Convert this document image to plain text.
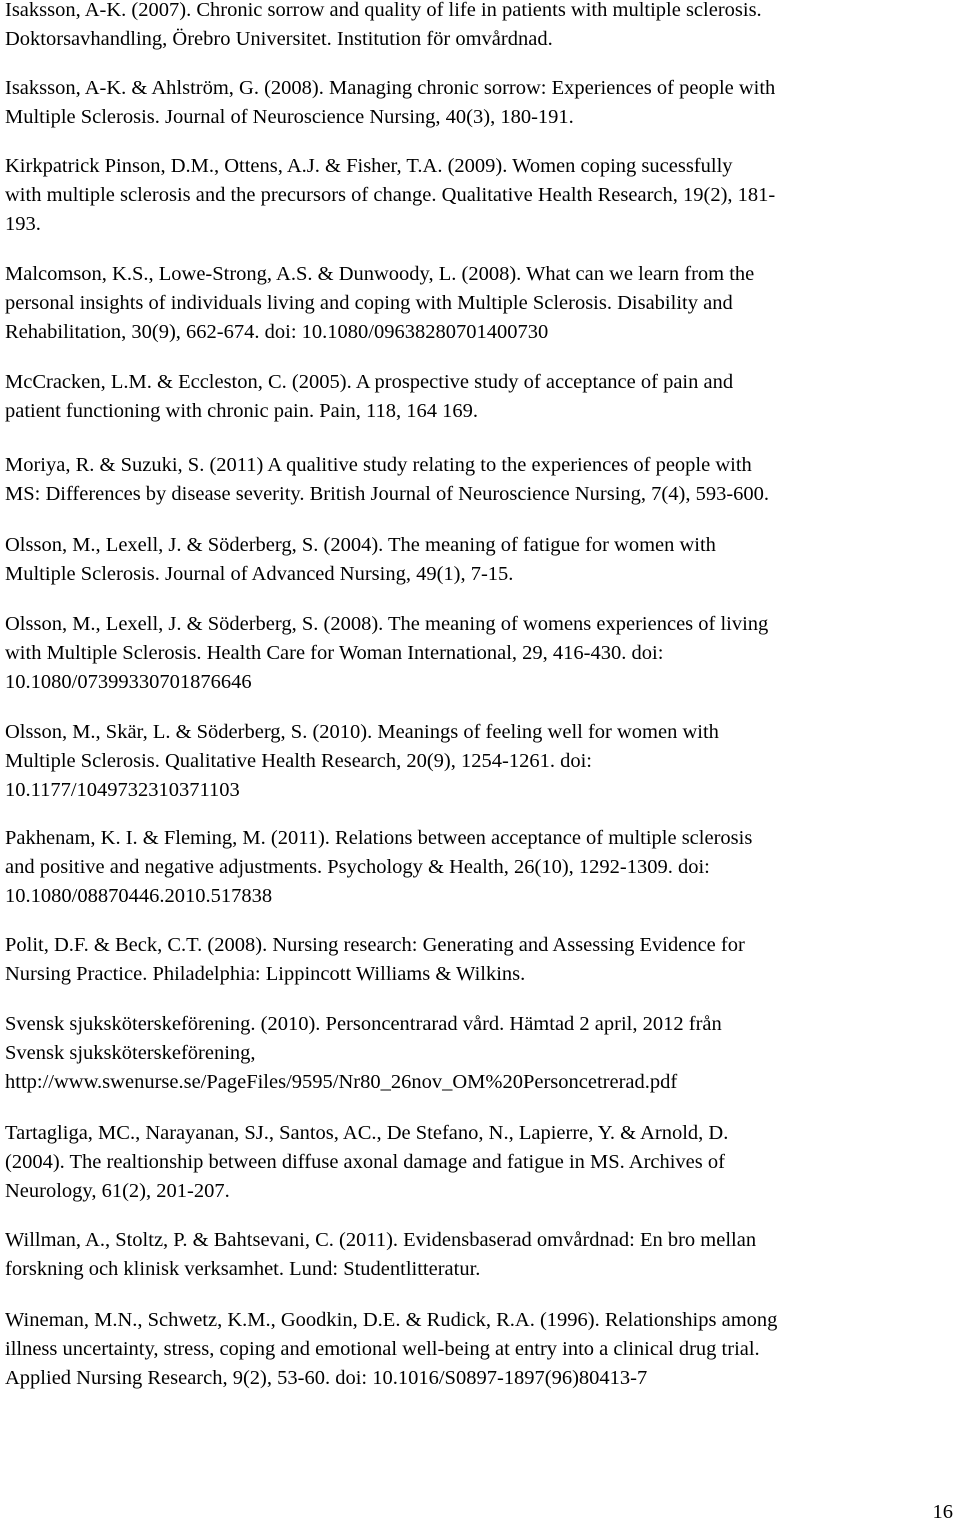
Isaksson, A-K. (2007). Chronic sorrow and quality of life in patients with multiple sclerosis.
Doktorsavhandling, Örebro Universitet. Institution för omvårdnad.

Isaksson, A-K. & Ahlström, G. (2008). Managing chronic sorrow: Experiences of people with
Multiple Sclerosis. Journal of Neuroscience Nursing, 40(3), 180-191.

Kirkpatrick Pinson, D.M., Ottens, A.J. & Fisher, T.A. (2009). Women coping sucessfully
with multiple sclerosis and the precursors of change. Qualitative Health Research, 19(2), 181-
193.

Malcomson, K.S., Lowe-Strong, A.S. & Dunwoody, L. (2008). What can we learn from the
personal insights of individuals living and coping with Multiple Sclerosis. Disability and
Rehabilitation, 30(9), 662-674. doi: 10.1080/09638280701400730

McCracken, L.M. & Eccleston, C. (2005). A prospective study of acceptance of pain and
patient functioning with chronic pain. Pain, 118, 164 169.

Moriya, R. & Suzuki, S. (2011) A qualitive study relating to the experiences of people with
MS: Differences by disease severity. British Journal of Neuroscience Nursing, 7(4), 593-600.

Olsson, M., Lexell, J. & Söderberg, S. (2004). The meaning of fatigue for women with
Multiple Sclerosis. Journal of Advanced Nursing, 49(1), 7-15.

Olsson, M., Lexell, J. & Söderberg, S. (2008). The meaning of womens experiences of living
with Multiple Sclerosis. Health Care for Woman International, 29, 416-430. doi:
10.1080/07399330701876646

Olsson, M., Skär, L. & Söderberg, S. (2010). Meanings of feeling well for women with
Multiple Sclerosis. Qualitative Health Research, 20(9), 1254-1261. doi:
10.1177/1049732310371103

Pakhenam, K. I. & Fleming, M. (2011). Relations between acceptance of multiple sclerosis
and positive and negative adjustments. Psychology & Health, 26(10), 1292-1309. doi:
10.1080/08870446.2010.517838

Polit, D.F. & Beck, C.T. (2008). Nursing research: Generating and Assessing Evidence for
Nursing Practice. Philadelphia: Lippincott Williams & Wilkins.

Svensk sjuksköterskeförening. (2010). Personcentrarad vård. Hämtad 2 april, 2012 från
Svensk sjuksköterskeförening,
http://www.swenurse.se/PageFiles/9595/Nr80_26nov_OM%20Personcetrerad.pdf

Tartagliga, MC., Narayanan, SJ., Santos, AC., De Stefano, N., Lapierre, Y. & Arnold, D.
(2004). The realtionship between diffuse axonal damage and fatigue in MS. Archives of
Neurology, 61(2), 201-207.

Willman, A., Stoltz, P. & Bahtsevani, C. (2011). Evidensbaserad omvårdnad: En bro mellan
forskning och klinisk verksamhet. Lund: Studentlitteratur.

Wineman, M.N., Schwetz, K.M., Goodkin, D.E. & Rudick, R.A. (1996). Relationships among
illness uncertainty, stress, coping and emotional well-being at entry into a clinical drug trial.
Applied Nursing Research, 9(2), 53-60. doi: 10.1016/S0897-1897(96)80413-7

16
